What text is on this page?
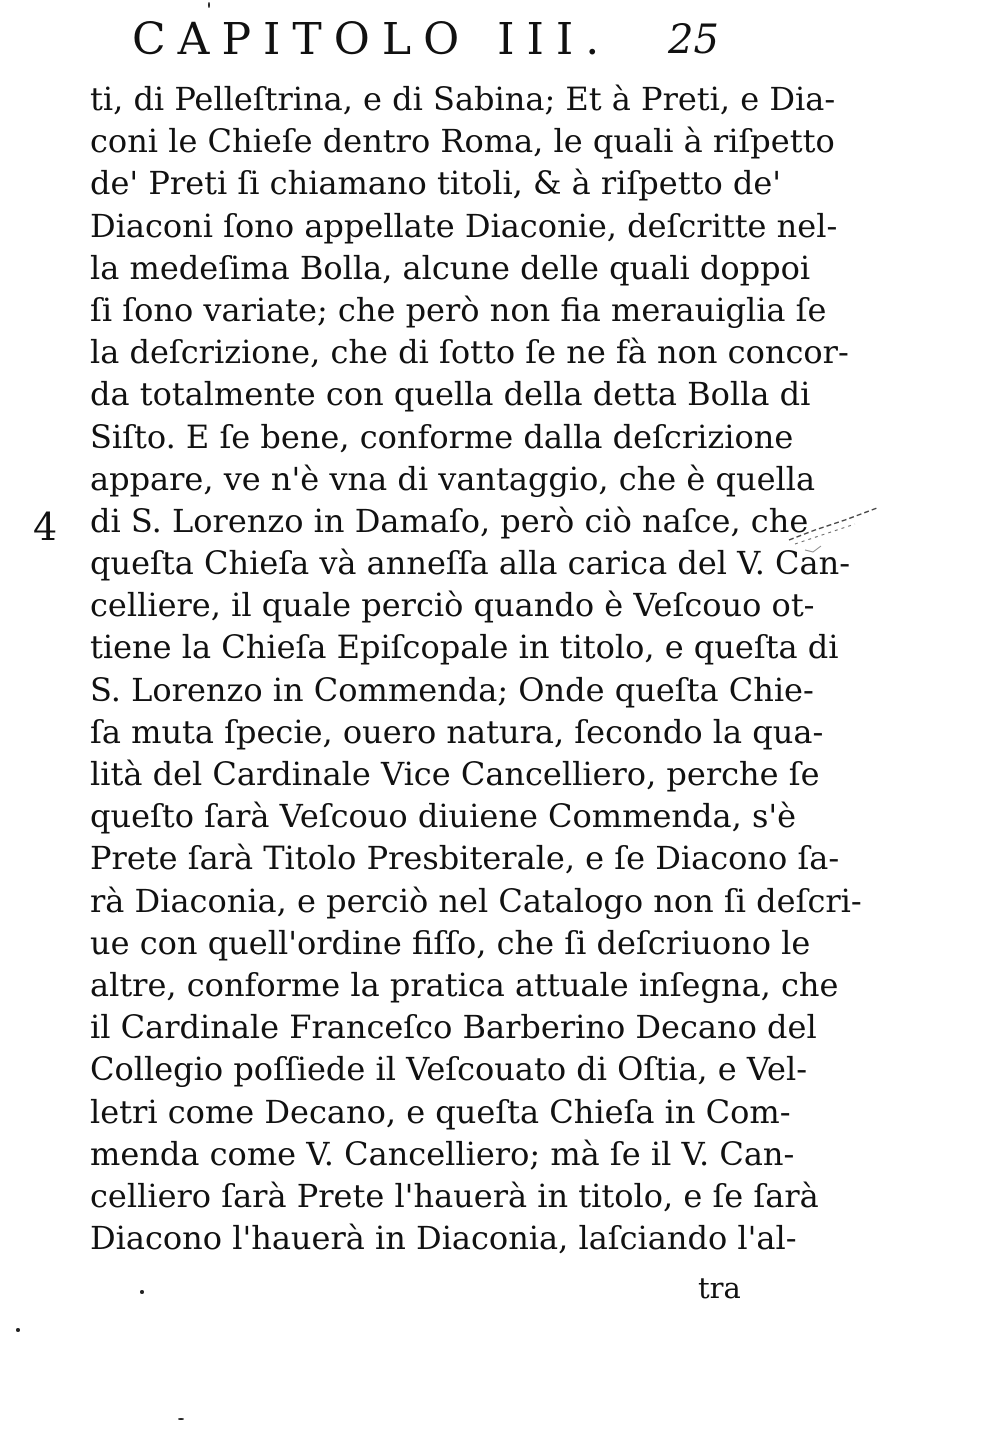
CAPITOLO III. 25
4
ti, di Pelleſtrina, e di Sabina; Et à Preti, e Dia-
coni le Chieſe dentro Roma, le quali à riſpetto
de' Preti ſi chiamano titoli, & à riſpetto de'
Diaconi ſono appellate Diaconie, deſcritte nel-
la medeſima Bolla, alcune delle quali doppoi
ſi ſono variate; che però non fia merauiglia ſe
la deſcrizione, che di ſotto ſe ne fà non concor-
da totalmente con quella della detta Bolla di
Siſto. E ſe bene, conforme dalla deſcrizione
appare, ve n'è vna di vantaggio, che è quella
di S. Lorenzo in Damaſo, però ciò naſce, che
queſta Chieſa và anneſſa alla carica del V. Can-
celliere, il quale perciò quando è Veſcouo ot-
tiene la Chieſa Epiſcopale in titolo, e queſta di
S. Lorenzo in Commenda; Onde queſta Chie-
ſa muta ſpecie, ouero natura, ſecondo la qua-
lità del Cardinale Vice Cancelliero, perche ſe
queſto ſarà Veſcouo diuiene Commenda, s'è
Prete ſarà Titolo Presbiterale, e ſe Diacono ſa-
rà Diaconia, e perciò nel Catalogo non ſi deſcri-
ue con quell'ordine fiſſo, che ſi deſcriuono le
altre, conforme la pratica attuale inſegna, che
il Cardinale Franceſco Barberino Decano del
Collegio poſſiede il Veſcouato di Oſtia, e Vel-
letri come Decano, e queſta Chieſa in Com-
menda come V. Cancelliero; mà ſe il V. Can-
celliero ſarà Prete l'hauerà in titolo, e ſe ſarà
Diacono l'hauerà in Diaconia, laſciando l'al-
tra
